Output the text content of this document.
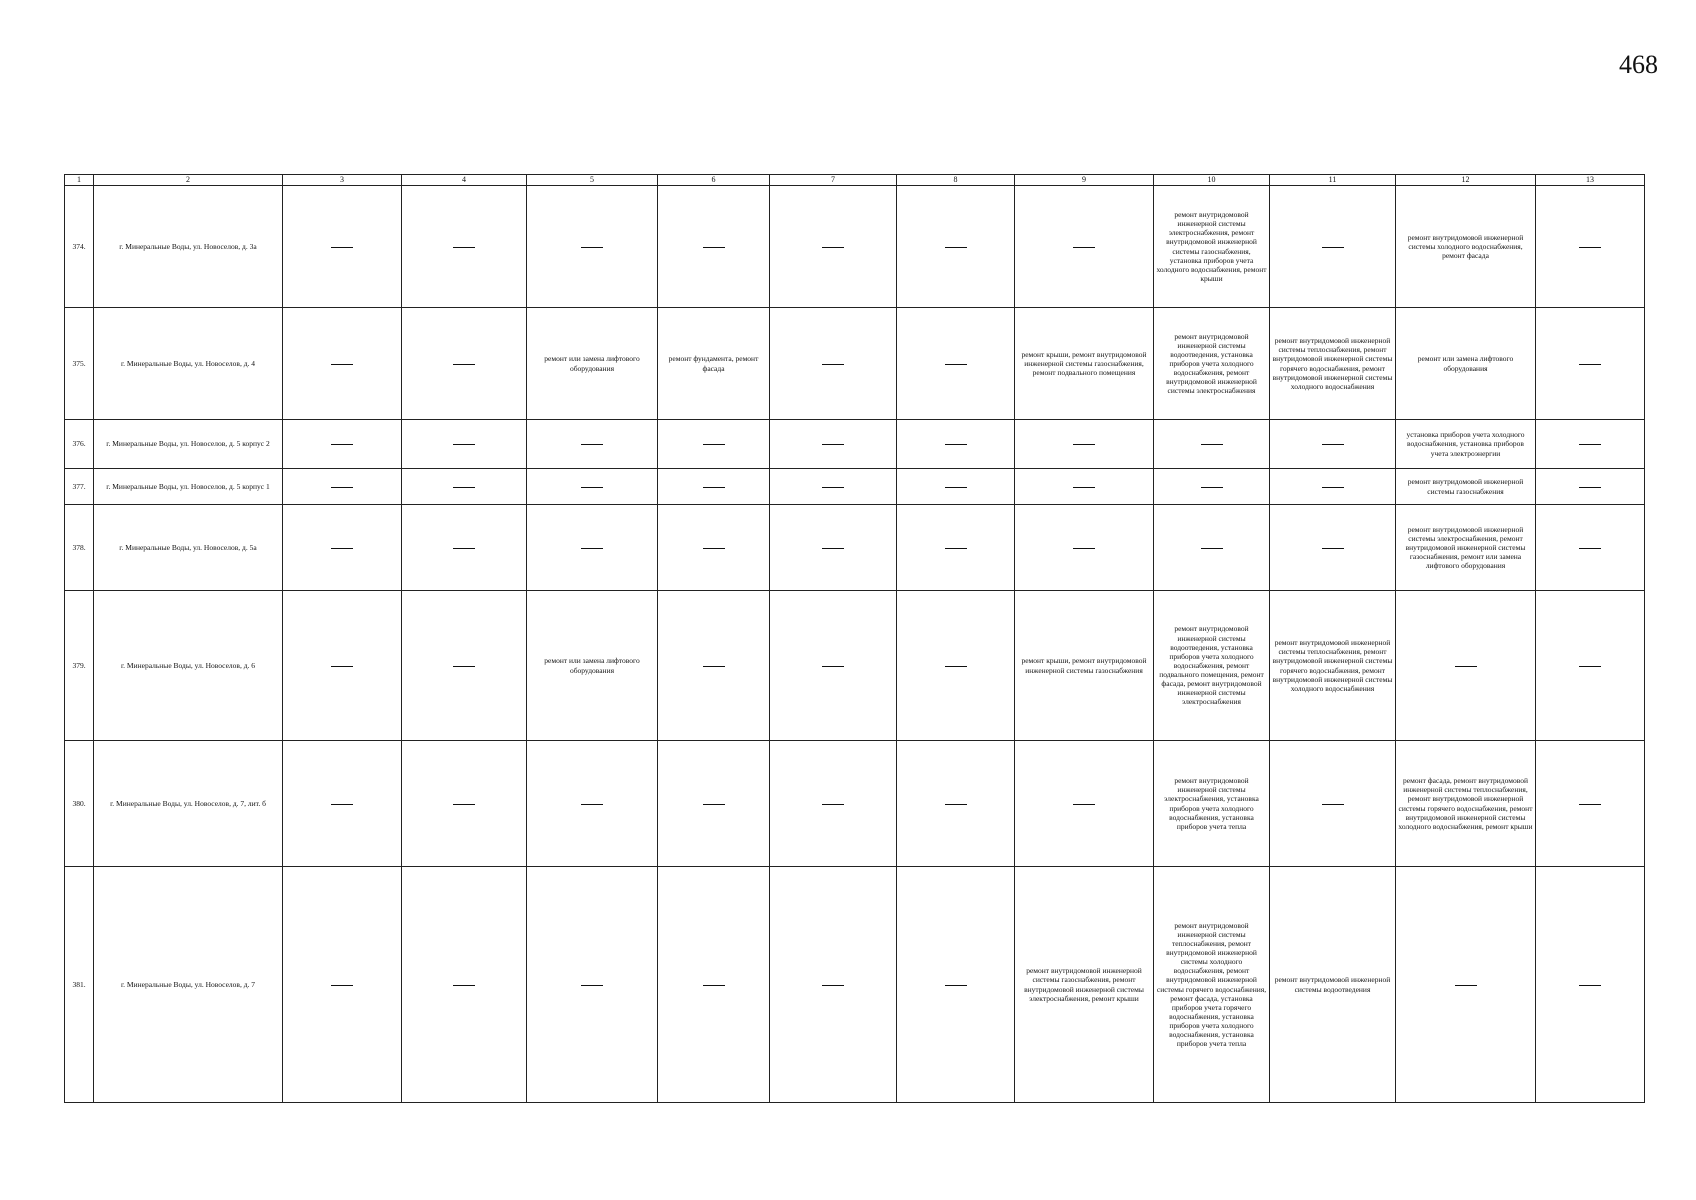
468
1	2	3	4	5	6	7	8	9	10	11	12	13
374.	г. Минеральные Воды, ул. Новоселов, д. 3а								ремонт внутридомовой инженерной системы электроснабжения, ремонт внутридомовой инженерной системы газоснабжения, установка приборов учета холодного водоснабжения, ремонт крыши		ремонт внутридомовой инженерной системы холодного водоснабжения, ремонт фасада	
375.	г. Минеральные Воды, ул. Новоселов, д. 4			ремонт или замена лифтового оборудования	ремонт фундамента, ремонт фасада			ремонт крыши, ремонт внутридомовой инженерной системы газоснабжения, ремонт подвального помещения	ремонт внутридомовой инженерной системы водоотведения, установка приборов учета холодного водоснабжения, ремонт внутридомовой инженерной системы электроснабжения	ремонт внутридомовой инженерной системы теплоснабжения, ремонт внутридомовой инженерной системы горячего водоснабжения, ремонт внутридомовой инженерной системы холодного водоснабжения	ремонт или замена лифтового оборудования	
376.	г. Минеральные Воды, ул. Новоселов, д. 5 корпус 2										установка приборов учета холодного водоснабжения, установка приборов учета электроэнергии	
377.	г. Минеральные Воды, ул. Новоселов, д. 5 корпус 1										ремонт внутридомовой инженерной системы газоснабжения	
378.	г. Минеральные Воды, ул. Новоселов, д. 5а										ремонт внутридомовой инженерной системы электроснабжения, ремонт внутридомовой инженерной системы газоснабжения, ремонт или замена лифтового оборудования	
379.	г. Минеральные Воды, ул. Новоселов, д. 6			ремонт или замена лифтового оборудования				ремонт крыши, ремонт внутридомовой инженерной системы газоснабжения	ремонт внутридомовой инженерной системы водоотведения, установка приборов учета холодного водоснабжения, ремонт подвального помещения, ремонт фасада, ремонт внутридомовой инженерной системы электроснабжения	ремонт внутридомовой инженерной системы теплоснабжения, ремонт внутридомовой инженерной системы горячего водоснабжения, ремонт внутридомовой инженерной системы холодного водоснабжения		
380.	г. Минеральные Воды, ул. Новоселов, д. 7, лит. б								ремонт внутридомовой инженерной системы электроснабжения, установка приборов учета холодного водоснабжения, установка приборов учета тепла		ремонт фасада, ремонт внутридомовой инженерной системы теплоснабжения, ремонт внутридомовой инженерной системы горячего водоснабжения, ремонт внутридомовой инженерной системы холодного водоснабжения, ремонт крыши	
381.	г. Минеральные Воды, ул. Новоселов, д. 7							ремонт внутридомовой инженерной системы газоснабжения, ремонт внутридомовой инженерной системы электроснабжения, ремонт крыши	ремонт внутридомовой инженерной системы теплоснабжения, ремонт внутридомовой инженерной системы холодного водоснабжения, ремонт внутридомовой инженерной системы горячего водоснабжения, ремонт фасада, установка приборов учета горячего водоснабжения, установка приборов учета холодного водоснабжения, установка приборов учета тепла	ремонт внутридомовой инженерной системы водоотведения		
